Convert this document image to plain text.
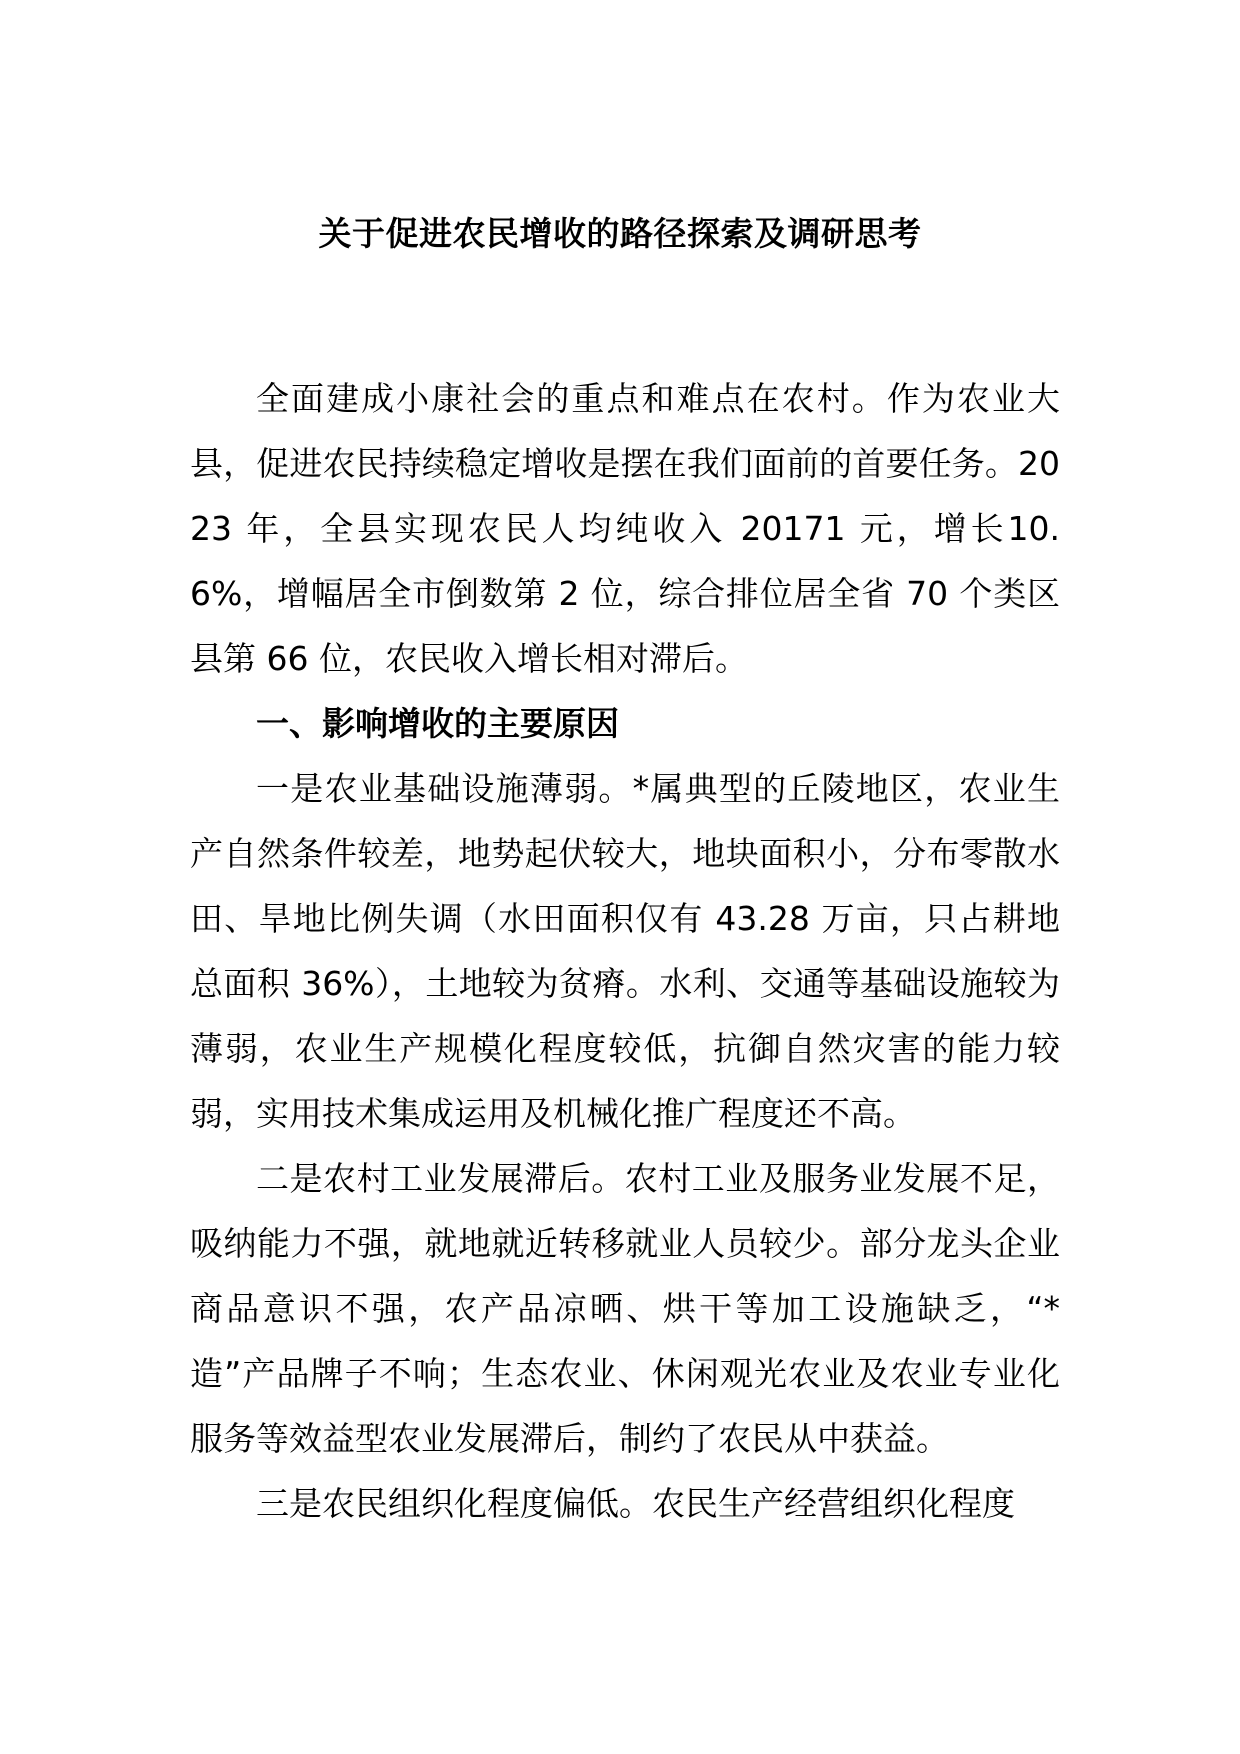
关于促进农民增收的路径探索及调研思考

全面建成小康社会的重点和难点在农村。作为农业大县，促进农民持续稳定增收是摆在我们面前的首要任务。2023 年，全县实现农民人均纯收入 20171 元，增长10.6%，增幅居全市倒数第 2 位，综合排位居全省 70 个类区县第 66 位，农民收入增长相对滞后。

一、影响增收的主要原因

一是农业基础设施薄弱。*属典型的丘陵地区，农业生产自然条件较差，地势起伏较大，地块面积小，分布零散水田、旱地比例失调（水田面积仅有 43.28 万亩，只占耕地总面积 36%），土地较为贫瘠。水利、交通等基础设施较为薄弱，农业生产规模化程度较低，抗御自然灾害的能力较弱，实用技术集成运用及机械化推广程度还不高。

二是农村工业发展滞后。农村工业及服务业发展不足，吸纳能力不强，就地就近转移就业人员较少。部分龙头企业商品意识不强，农产品凉晒、烘干等加工设施缺乏，“*造”产品牌子不响；生态农业、休闲观光农业及农业专业化服务等效益型农业发展滞后，制约了农民从中获益。

三是农民组织化程度偏低。农民生产经营组织化程度
